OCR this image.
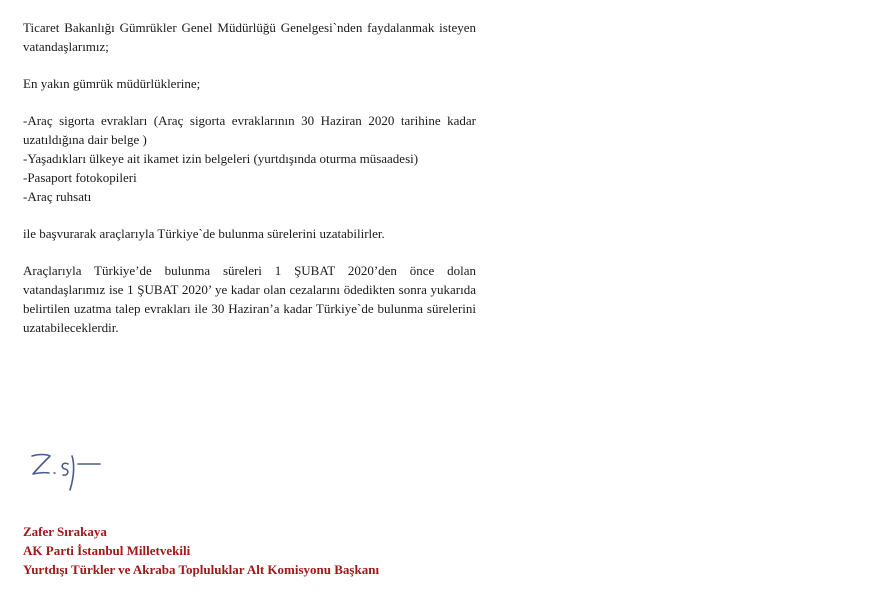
Ticaret Bakanlığı Gümrükler Genel Müdürlüğü Genelgesi`nden faydalanmak isteyen vatandaşlarımız;

En yakın gümrük müdürlüklerine;

-Araç sigorta evrakları (Araç sigorta evraklarının 30 Haziran 2020 tarihine kadar uzatıldığına dair belge )

-Yaşadıkları ülkeye ait ikamet izin belgeleri (yurtdışında oturma müsaadesi)

-Pasaport fotokopileri

-Araç ruhsatı

ile başvurarak araçlarıyla Türkiye`de bulunma sürelerini uzatabilirler.

Araçlarıyla Türkiye’de bulunma süreleri 1 ŞUBAT 2020’den önce dolan vatandaşlarımız ise 1 ŞUBAT 2020’ ye kadar olan cezalarını ödedikten sonra yukarıda belirtilen uzatma talep evrakları ile 30 Haziran’a kadar Türkiye`de bulunma sürelerini uzatabileceklerdir.

Zafer Sırakaya
AK Parti İstanbul Milletvekili
Yurtdışı Türkler ve Akraba Topluluklar Alt Komisyonu Başkanı
